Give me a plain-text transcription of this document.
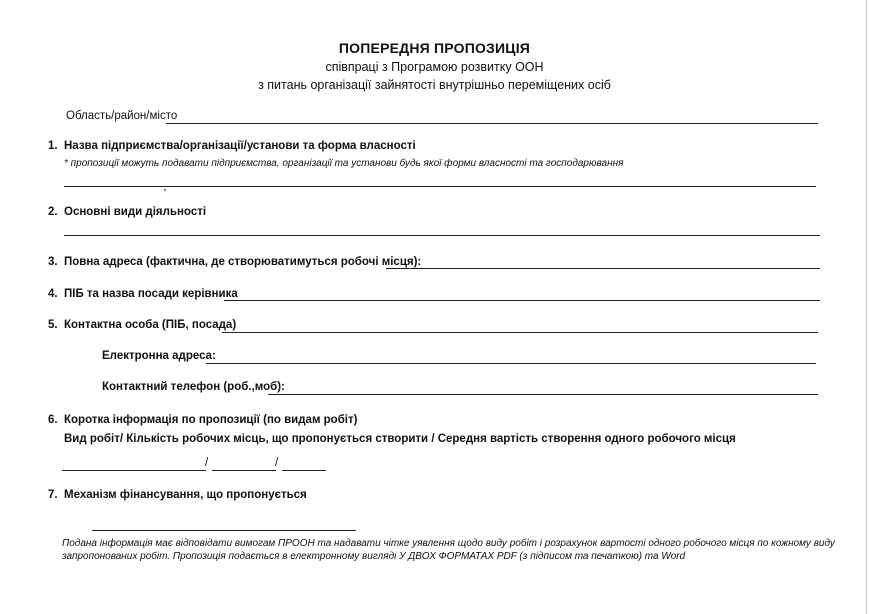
ПОПЕРЕДНЯ ПРОПОЗИЦІЯ
співпраці з Програмою розвитку ООН
з питань організації зайнятості внутрішньо переміщених осіб
Область/район/місто
1. Назва підприємства/організації/установи та форма власності
* пропозиції можуть подавати підприємства, організації та установи будь якої форми власності та господарювання
2. Основні види діяльності
3. Повна адреса (фактична, де створюватимуться робочі місця):
4. ПІБ та назва посади керівника
5. Контактна особа (ПІБ, посада)
Електронна адреса:
Контактний телефон (роб.,моб):
6. Коротка інформація по пропозиції (по видам робіт)
Вид робіт/ Кількість робочих місць, що пропонується створити / Середня вартість створення одного робочого місця
/	/
7. Механізм фінансування, що пропонується
Подана інформація має відповідати вимогам ПРООН та надавати чітке уявлення щодо виду робіт і розрахунок вартості одного робочого місця по кожному виду
запропонованих робіт. Пропозиція подається в електронному вигляді У ДВОХ ФОРМАТАХ PDF (з підписом та печаткою) та Word
